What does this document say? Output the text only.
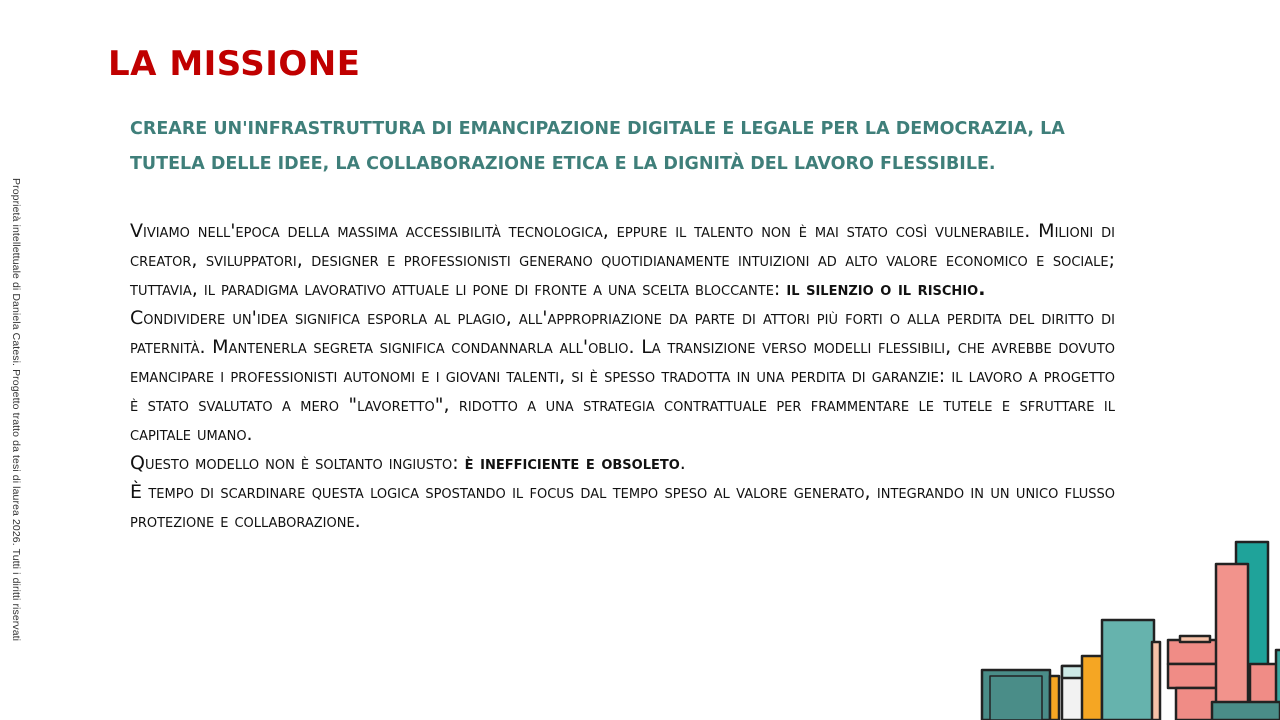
Proprietà intellettuale di Daniela Catesi. Progetto tratto da tesi di laurea 2026. Tutti i diritti riservati
LA MISSIONE

CREARE UN'INFRASTRUTTURA DI EMANCIPAZIONE DIGITALE E LEGALE PER LA DEMOCRAZIA, LA TUTELA DELLE IDEE, LA COLLABORAZIONE ETICA E LA DIGNITÀ DEL LAVORO FLESSIBILE.

Viviamo nell'epoca della massima accessibilità tecnologica, eppure il talento non è mai stato così vulnerabile. Milioni di creator, sviluppatori, designer e professionisti generano quotidianamente intuizioni ad alto valore economico e sociale; tuttavia, il paradigma lavorativo attuale li pone di fronte a una scelta bloccante: il silenzio o il rischio.

Condividere un'idea significa esporla al plagio, all'appropriazione da parte di attori più forti o alla perdita del diritto di paternità. Mantenerla segreta significa condannarla all'oblio. La transizione verso modelli flessibili, che avrebbe dovuto emancipare i professionisti autonomi e i giovani talenti, si è spesso tradotta in una perdita di garanzie: il lavoro a progetto è stato svalutato a mero "lavoretto", ridotto a una strategia contrattuale per frammentare le tutele e sfruttare il capitale umano.

Questo modello non è soltanto ingiusto: è inefficiente e obsoleto.

È tempo di scardinare questa logica spostando il focus dal tempo speso al valore generato, integrando in un unico flusso protezione e collaborazione.
